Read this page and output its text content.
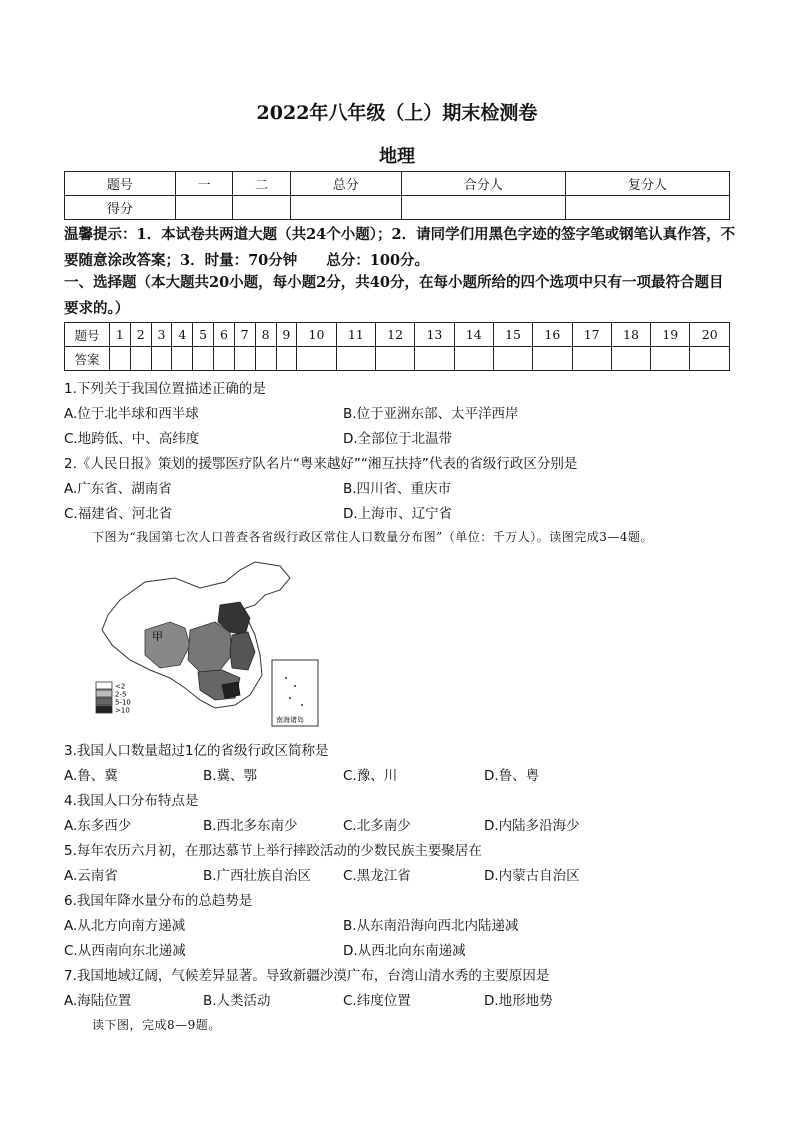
2022年八年级（上）期末检测卷
地理
题号	一	二	总分	合分人	复分人
得分					
温馨提示：1．本试卷共两道大题（共24个小题）；2．请同学们用黑色字迹的签字笔或钢笔认真作答，不要随意涂改答案；3．时量：70分钟　　总分：100分。
一、选择题（本大题共20小题，每小题2分，共40分，在每小题所给的四个选项中只有一项最符合题目要求的。）
题号	1	2	3	4	5	6	7	8	9	10	11	12	13	14	15	16	17	18	19	20
答案																				
1.下列关于我国位置描述正确的是
A.位于北半球和西半球	B.位于亚洲东部、太平洋西岸
C.地跨低、中、高纬度	D.全部位于北温带
2.《人民日报》策划的援鄂医疗队名片“粤来越好”“湘互扶持”代表的省级行政区分别是
A.广东省、湖南省	B.四川省、重庆市
C.福建省、河北省	D.上海市、辽宁省
下图为“我国第七次人口普查各省级行政区常住人口数量分布图”（单位：千万人）。读图完成3—4题。
甲
<2
2-5
5-10
>10
南海诸岛
3.我国人口数量超过1亿的省级行政区简称是
A.鲁、冀	B.冀、鄂	C.豫、川	D.鲁、粤
4.我国人口分布特点是
A.东多西少	B.西北多东南少	C.北多南少	D.内陆多沿海少
5.每年农历六月初，在那达慕节上举行摔跤活动的少数民族主要聚居在
A.云南省	B.广西壮族自治区 C.黑龙江省	D.内蒙古自治区
6.我国年降水量分布的总趋势是
A.从北方向南方递减	B.从东南沿海向西北内陆递减
C.从西南向东北递减	D.从西北向东南递减
7.我国地域辽阔，气候差异显著。导致新疆沙漠广布，台湾山清水秀的主要原因是
A.海陆位置	B.人类活动	C.纬度位置	D.地形地势
读下图，完成8—9题。
